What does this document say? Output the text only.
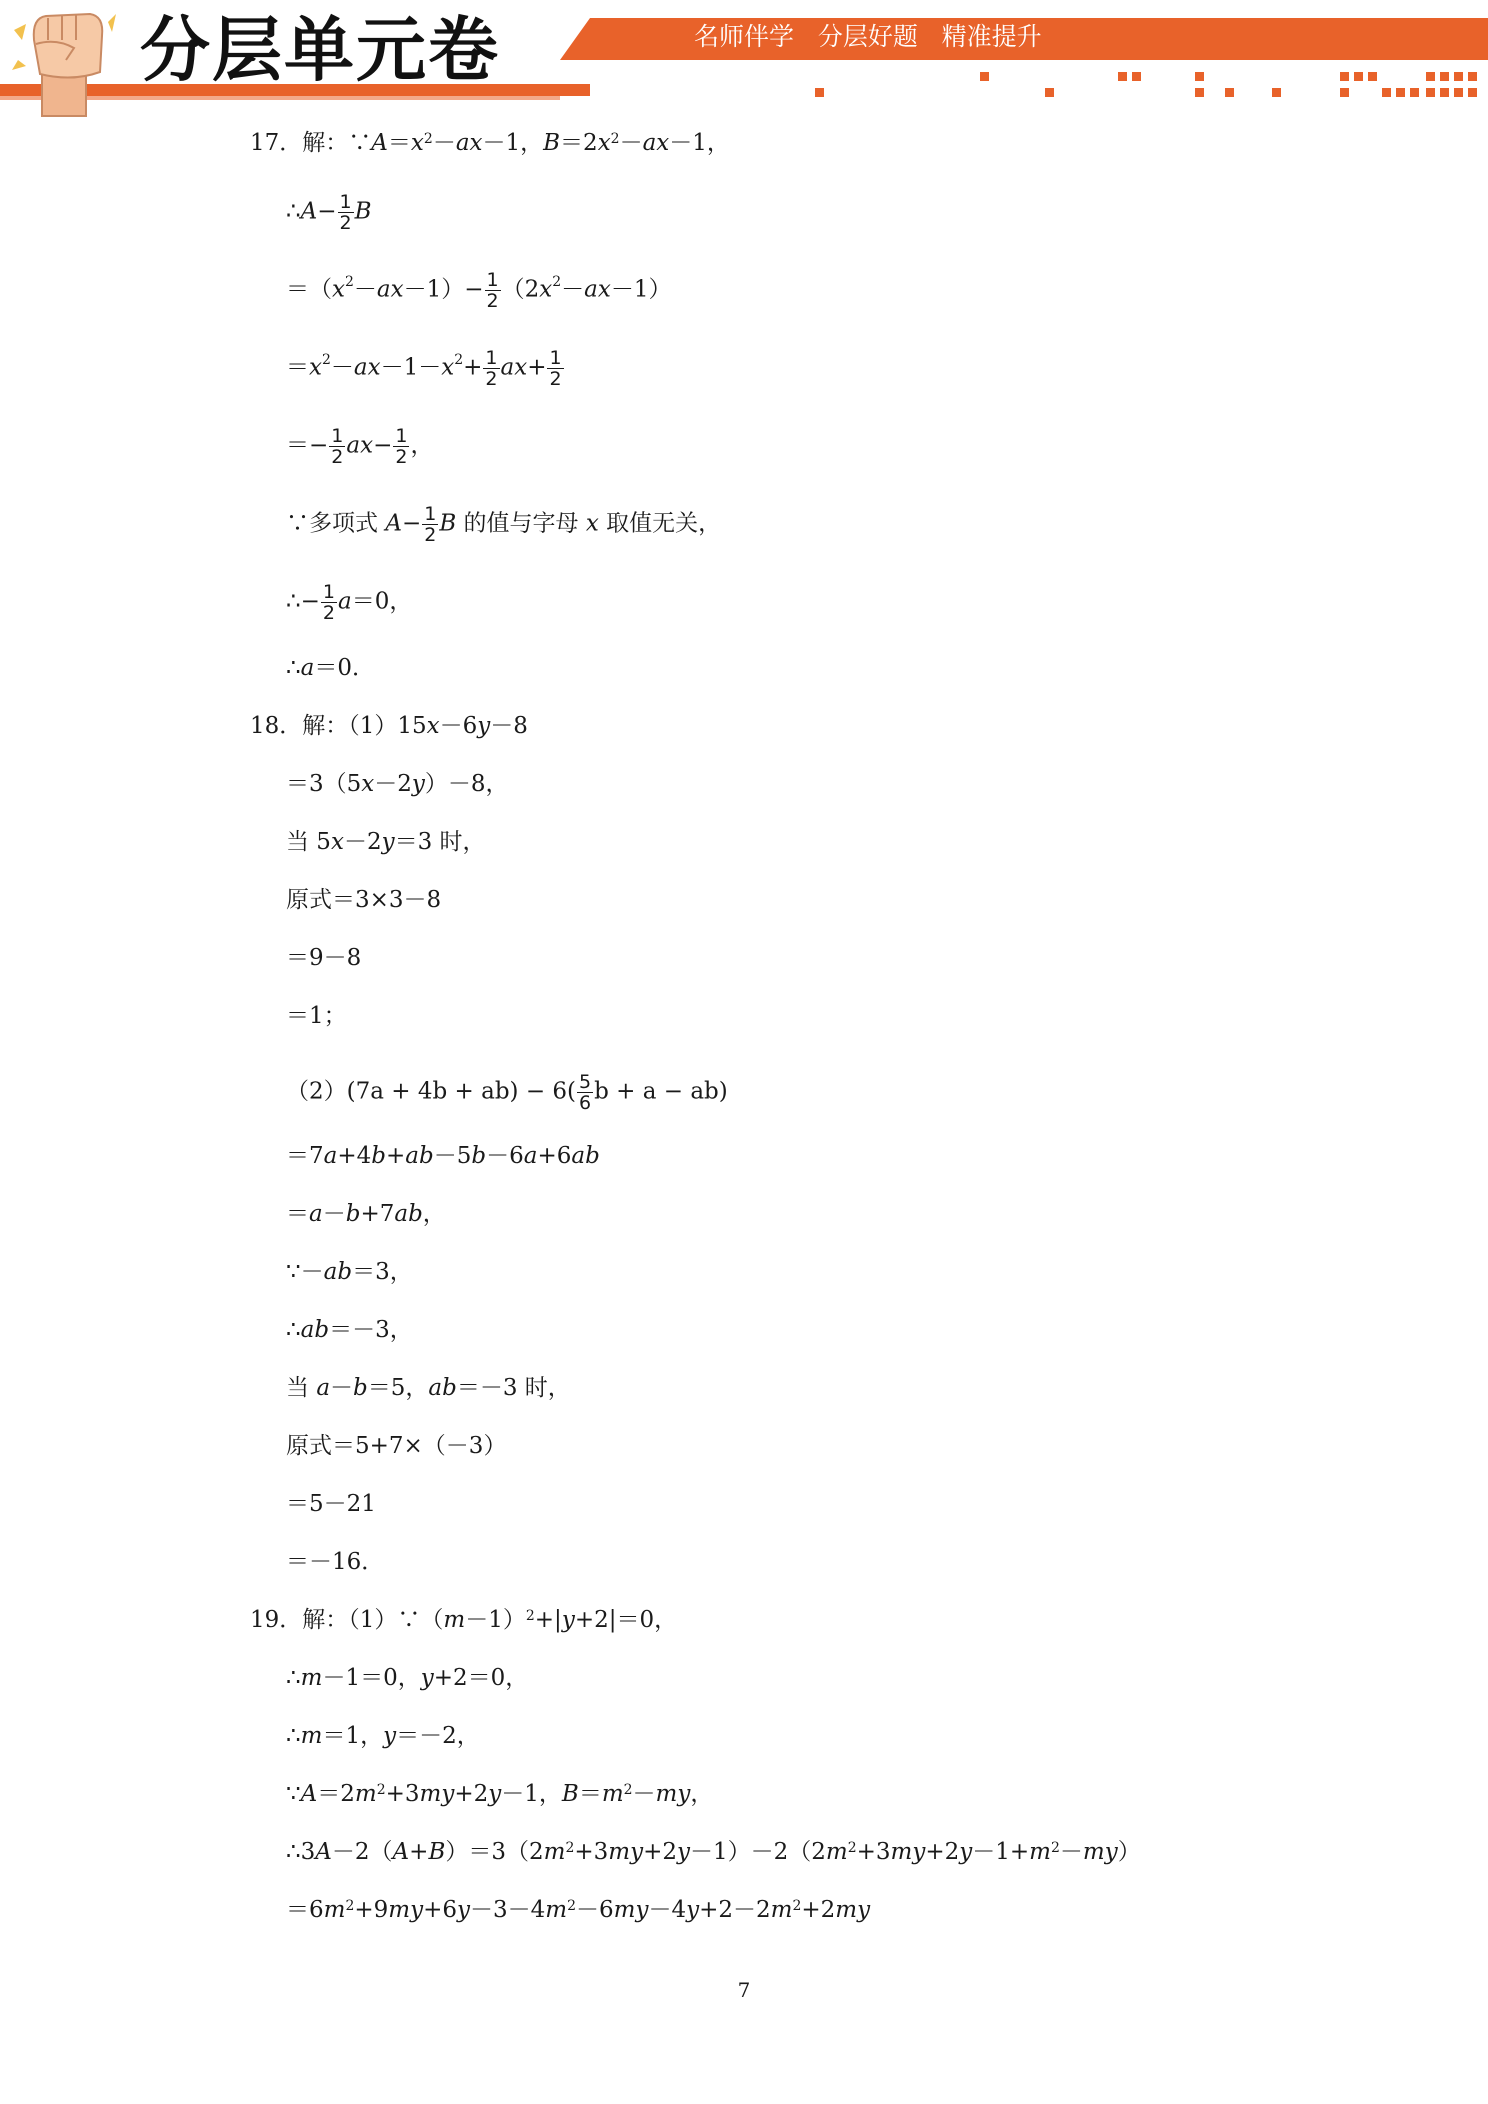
分层单元卷	名师伴学   分层好题   精准提升
17．解：$\because A=x^2-ax-1$，$B=2x^2-ax-1$，
∴A− $\frac{1}{2}$ B
$=(x^2-ax-1)- \frac{1}{2} (2x^2-ax-1)$
$=x^2-ax-1-x^2+ \frac{1}{2} ax+ \frac{1}{2}$
＝− $\frac{1}{2} ax- \frac{1}{2}$ ，
∵多项式 $A- \frac{1}{2}$ B 的值与字母 x 取值无关，
∴− $\frac{1}{2} a=0$，
∴a＝0．
18．解：（1）15x－6y－8
＝3（5x－2y）－8，
当 5x－2y＝3 时，
原式＝3×3－8
＝9－8
＝1；
$(2)(7a + 4b + ab) - 6( \frac{5}{6}$ b + a − ab)
＝7a+4b+ab－5b－6a+6ab
＝a－b+7ab，
∵－ab＝3，
∴ab＝－3，
当 a－b＝5，ab＝－3 时，
原式＝5+7×（－3）
＝5－21
＝－16．
19．解：$(1)\because(m-1)^2+|y+2|=0$，
∴m－1＝0，y+2＝0，
∴m＝1，y＝－2，
$\because A=2m^2+3my+2y-1$，$B=m^2-my$，
$\therefore 3A-2(A+B)=3(2m^2+3my+2y-1)-2(2m^2+3my+2y-1+m^2-my)$
$=6m^2+9my+6y-3-4m^2-6my-4y+2-2m^2+2my$
7
